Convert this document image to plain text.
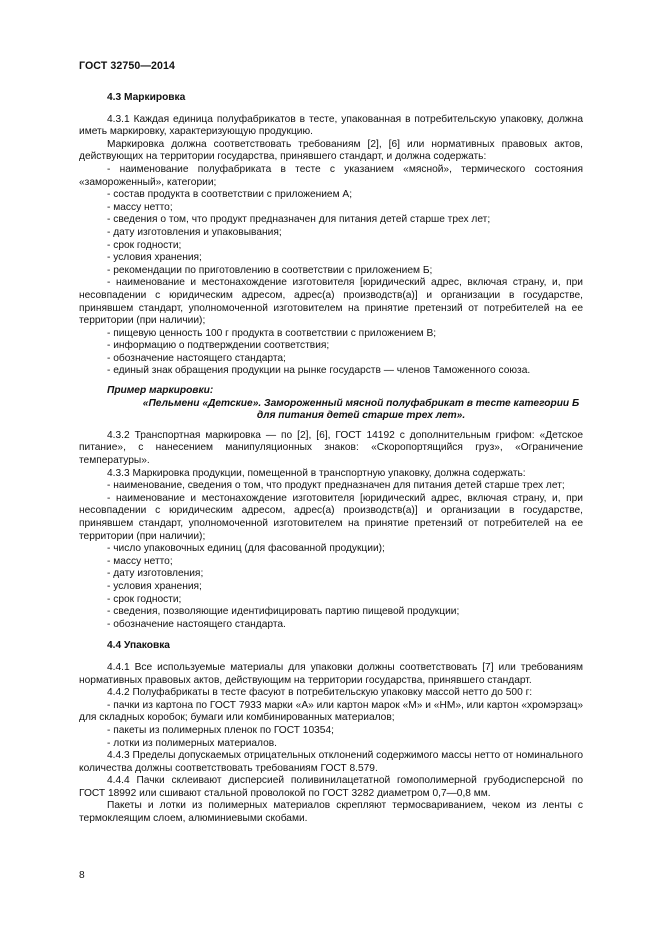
ГОСТ 32750—2014

4.3 Маркировка

4.3.1 Каждая единица полуфабрикатов в тесте, упакованная в потребительскую упаковку, должна иметь маркировку, характеризующую продукцию.

Маркировка должна соответствовать требованиям [2], [6] или нормативных правовых актов, действующих на территории государства, принявшего стандарт, и должна содержать:

- наименование полуфабриката в тесте с указанием «мясной», термического состояния «замороженный», категории;

- состав продукта в соответствии с приложением А;

- массу нетто;

- сведения о том, что продукт предназначен для питания детей старше трех лет;

- дату изготовления и упаковывания;

- срок годности;

- условия хранения;

- рекомендации по приготовлению в соответствии с приложением Б;

- наименование и местонахождение изготовителя [юридический адрес, включая страну, и, при несовпадении с юридическим адресом, адрес(а) производств(а)] и организации в государстве, принявшем стандарт, уполномоченной изготовителем на принятие претензий от потребителей на ее территории (при наличии);

- пищевую ценность 100 г продукта в соответствии с приложением В;

- информацию о подтверждении соответствия;

- обозначение настоящего стандарта;

- единый знак обращения продукции на рынке государств — членов Таможенного союза.

Пример маркировки:

«Пельмени «Детские». Замороженный мясной полуфабрикат в тесте категории Б

для питания детей старше трех лет».

4.3.2 Транспортная маркировка — по [2], [6], ГОСТ 14192 с дополнительным грифом: «Детское питание», с нанесением манипуляционных знаков: «Скоропортящийся груз», «Ограничение температуры».

4.3.3 Маркировка продукции, помещенной в транспортную упаковку, должна содержать:

- наименование, сведения о том, что продукт предназначен для питания детей старше трех лет;

- наименование и местонахождение изготовителя [юридический адрес, включая страну, и, при несовпадении с юридическим адресом, адрес(а) производств(а)] и организации в государстве, принявшем стандарт, уполномоченной изготовителем на принятие претензий от потребителей на ее территории (при наличии);

- число упаковочных единиц (для фасованной продукции);

- массу нетто;

- дату изготовления;

- условия хранения;

- срок годности;

- сведения, позволяющие идентифицировать партию пищевой продукции;

- обозначение настоящего стандарта.

4.4 Упаковка

4.4.1 Все используемые материалы для упаковки должны соответствовать [7] или требованиям нормативных правовых актов, действующим на территории государства, принявшего стандарт.

4.4.2 Полуфабрикаты в тесте фасуют в потребительскую упаковку массой нетто до 500 г:

- пачки из картона по ГОСТ 7933 марки «А» или картон марок «М» и «НМ», или картон «хромэрзац» для складных коробок; бумаги или комбинированных материалов;

- пакеты из полимерных пленок по ГОСТ 10354;

- лотки из полимерных материалов.

4.4.3 Пределы допускаемых отрицательных отклонений содержимого массы нетто от номинального количества должны соответствовать требованиям ГОСТ 8.579.

4.4.4 Пачки склеивают дисперсией поливинилацетатной гомополимерной грубодисперсной по ГОСТ 18992 или сшивают стальной проволокой по ГОСТ 3282 диаметром 0,7—0,8 мм.

Пакеты и лотки из полимерных материалов скрепляют термосвариванием, чеком из ленты с термоклеящим слоем, алюминиевыми скобами.

8
